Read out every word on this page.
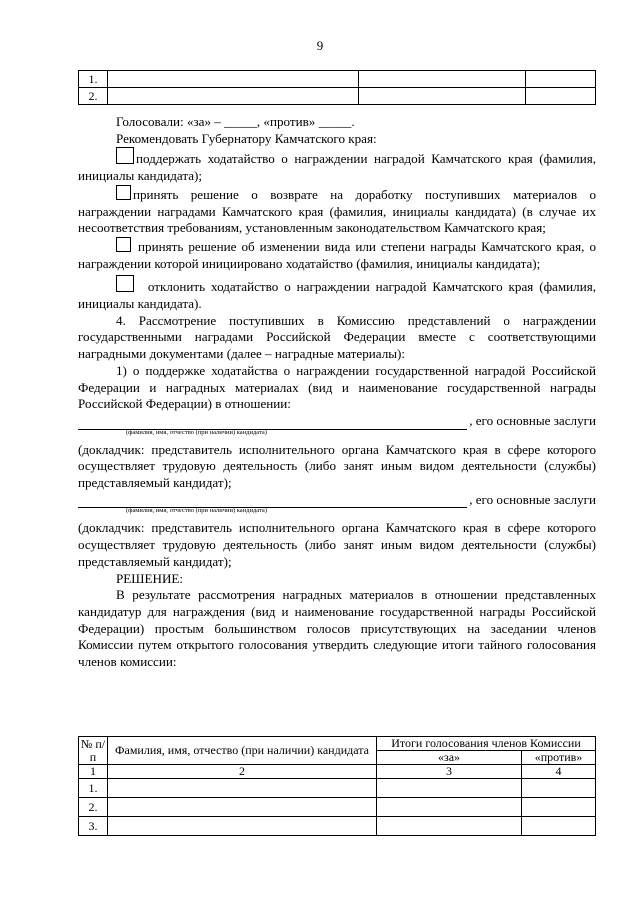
9
1.			
2.			

Голосовали: «за» – _____, «против» _____.

Рекомендовать Губернатору Камчатского края:

поддержать ходатайство о награждении наградой Камчатского края (фамилия, инициалы кандидата);

принять решение о возврате на доработку поступивших материалов о награждении наградами Камчатского края (фамилия, инициалы кандидата) (в случае их несоответствия требованиям, установленным законодательством Камчатского края;

принять решение об изменении вида или степени награды Камчатского края, о награждении которой инициировано ходатайство (фамилия, инициалы кандидата);

отклонить ходатайство о награждении наградой Камчатского края (фамилия, инициалы кандидата).

4. Рассмотрение поступивших в Комиссию представлений о награждении государственными наградами Российской Федерации вместе с соответствующими наградными документами (далее – наградные материалы):

1) о поддержке ходатайства о награждении государственной наградой Российской Федерации и наградных материалах (вид и наименование государственной награды Российской Федерации) в отношении:

, его основные заслуги
(фамилия, имя, отчество (при наличии) кандидата)

(докладчик: представитель исполнительного органа Камчатского края в сфере которого осуществляет трудовую деятельность (либо занят иным видом деятельности (службы) представляемый кандидат);

, его основные заслуги
(фамилия, имя, отчество (при наличии) кандидата)

(докладчик: представитель исполнительного органа Камчатского края в сфере которого осуществляет трудовую деятельность (либо занят иным видом деятельности (службы) представляемый кандидат);

РЕШЕНИЕ:

В результате рассмотрения наградных материалов в отношении представленных кандидатур для награждения (вид и наименование государственной награды Российской Федерации) простым большинством голосов присутствующих на заседании членов Комиссии путем открытого голосования утвердить следующие итоги тайного голосования членов комиссии:

№ п/п	Фамилия, имя, отчество (при наличии) кандидата	Итоги голосования членов Комиссии	
		«за»	«против»
1	2	3	4
1.			
2.			
3.			
